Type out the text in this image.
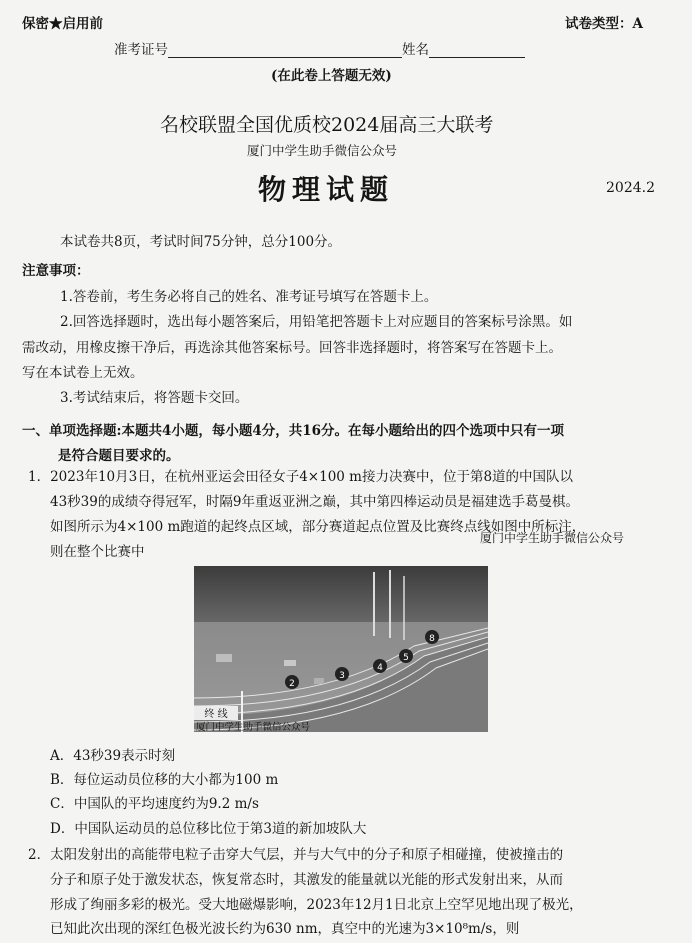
保密★启用前	试卷类型：A
准考证号	姓名
(在此卷上答题无效)
名校联盟全国优质校2024届高三大联考
厦门中学生助手微信公众号
物理试题	2024.2
本试卷共8页，考试时间75分钟，总分100分。
注意事项：
1.答卷前，考生务必将自己的姓名、准考证号填写在答题卡上。
2.回答选择题时，选出每小题答案后，用铅笔把答题卡上对应题目的答案标号涂黑。如
需改动，用橡皮擦干净后，再选涂其他答案标号。回答非选择题时，将答案写在答题卡上。
写在本试卷上无效。
3.考试结束后，将答题卡交回。
一、单项选择题:本题共4小题，每小题4分，共16分。在每小题给出的四个选项中只有一项
是符合题目要求的。
1．2023年10月3日，在杭州亚运会田径女子4×100 m接力决赛中，位于第8道的中国队以
43秒39的成绩夺得冠军，时隔9年重返亚洲之巅，其中第四棒运动员是福建选手葛曼棋。
如图所示为4×100 m跑道的起终点区域，部分赛道起点位置及比赛终点线如图中所标注，
则在整个比赛中
厦门中学生助手微信公众号
8
5
4
3
2
终 线
厦门中学生助手微信公众号
A．43秒39表示时刻
B．每位运动员位移的大小都为100 m
C．中国队的平均速度约为9.2 m/s
D．中国队运动员的总位移比位于第3道的新加坡队大
2．太阳发射出的高能带电粒子击穿大气层，并与大气中的分子和原子相碰撞，使被撞击的
分子和原子处于激发状态，恢复常态时，其激发的能量就以光能的形式发射出来，从而
形成了绚丽多彩的极光。受大地磁爆影响，2023年12月1日北京上空罕见地出现了极光，
已知此次出现的深红色极光波长约为630 nm，真空中的光速为3×10⁸m/s，则
